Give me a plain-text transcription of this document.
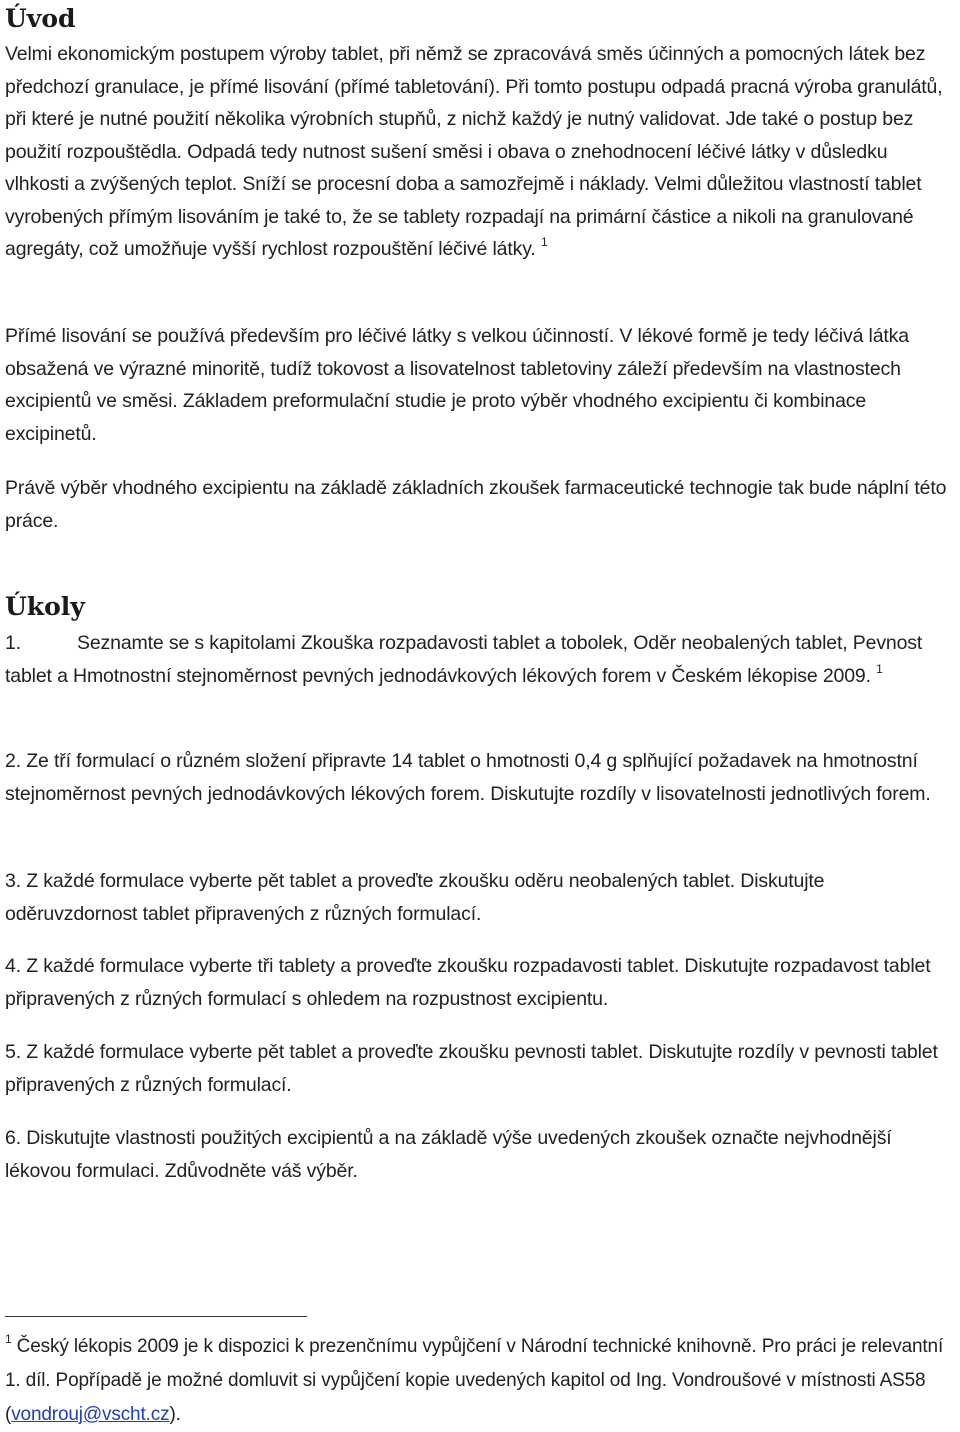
Úvod

Velmi ekonomickým postupem výroby tablet, při němž se zpracovává směs účinných a pomocných látek bez předchozí granulace, je přímé lisování (přímé tabletování). Při tomto postupu odpadá pracná výroba granulátů, při které je nutné použití několika výrobních stupňů, z nichž každý je nutný validovat. Jde také o postup bez použití rozpouštědla. Odpadá tedy nutnost sušení směsi i obava o znehodnocení léčivé látky v důsledku vlhkosti a zvýšených teplot. Sníží se procesní doba a samozřejmě i náklady. Velmi důležitou vlastností tablet vyrobených přímým lisováním je také to, že se tablety rozpadají na primární částice a nikoli na granulované agregáty, což umožňuje vyšší rychlost rozpouštění léčivé látky. $^1$

Přímé lisování se používá především pro léčivé látky s velkou účinností. V lékové formě je tedy léčivá látka obsažená ve výrazné minoritě, tudíž tokovost a lisovatelnost tabletoviny záleží především na vlastnostech excipientů ve směsi. Základem preformulační studie je proto výběr vhodného excipientu či kombinace excipinetů.

Právě výběr vhodného excipientu na základě základních zkoušek farmaceutické technogie tak bude náplní této práce.

Úkoly

1.	Seznamte se s kapitolami Zkouška rozpadavosti tablet a tobolek, Oděr neobalených tablet, Pevnost tablet a Hmotnostní stejnoměrnost pevných jednodávkových lékových forem v Českém lékopise 2009. $^1$

2. Ze tří formulací o různém složení připravte 14 tablet o hmotnosti 0,4 g splňující požadavek na hmotnostní stejnoměrnost pevných jednodávkových lékových forem. Diskutujte rozdíly v lisovatelnosti jednotlivých forem.

3. Z každé formulace vyberte pět tablet a proveďte zkoušku oděru neobalených tablet. Diskutujte oděruvzdornost tablet připravených z různých formulací.

4. Z každé formulace vyberte tři tablety a proveďte zkoušku rozpadavosti tablet. Diskutujte rozpadavost tablet připravených z různých formulací s ohledem na rozpustnost excipientu.

5. Z každé formulace vyberte pět tablet a proveďte zkoušku pevnosti tablet. Diskutujte rozdíly v pevnosti tablet připravených z různých formulací.

6. Diskutujte vlastnosti použitých excipientů a na základě výše uvedených zkoušek označte nejvhodnější lékovou formulaci. Zdůvodněte váš výběr.

$^1$ Český lékopis 2009 je k dispozici k prezenčnímu vypůjčení v Národní technické knihovně. Pro práci je relevantní 1. díl. Popřípadě je možné domluvit si vypůjčení kopie uvedených kapitol od Ing. Vondroušové v místnosti AS58 (vondrouj@vscht.cz).
